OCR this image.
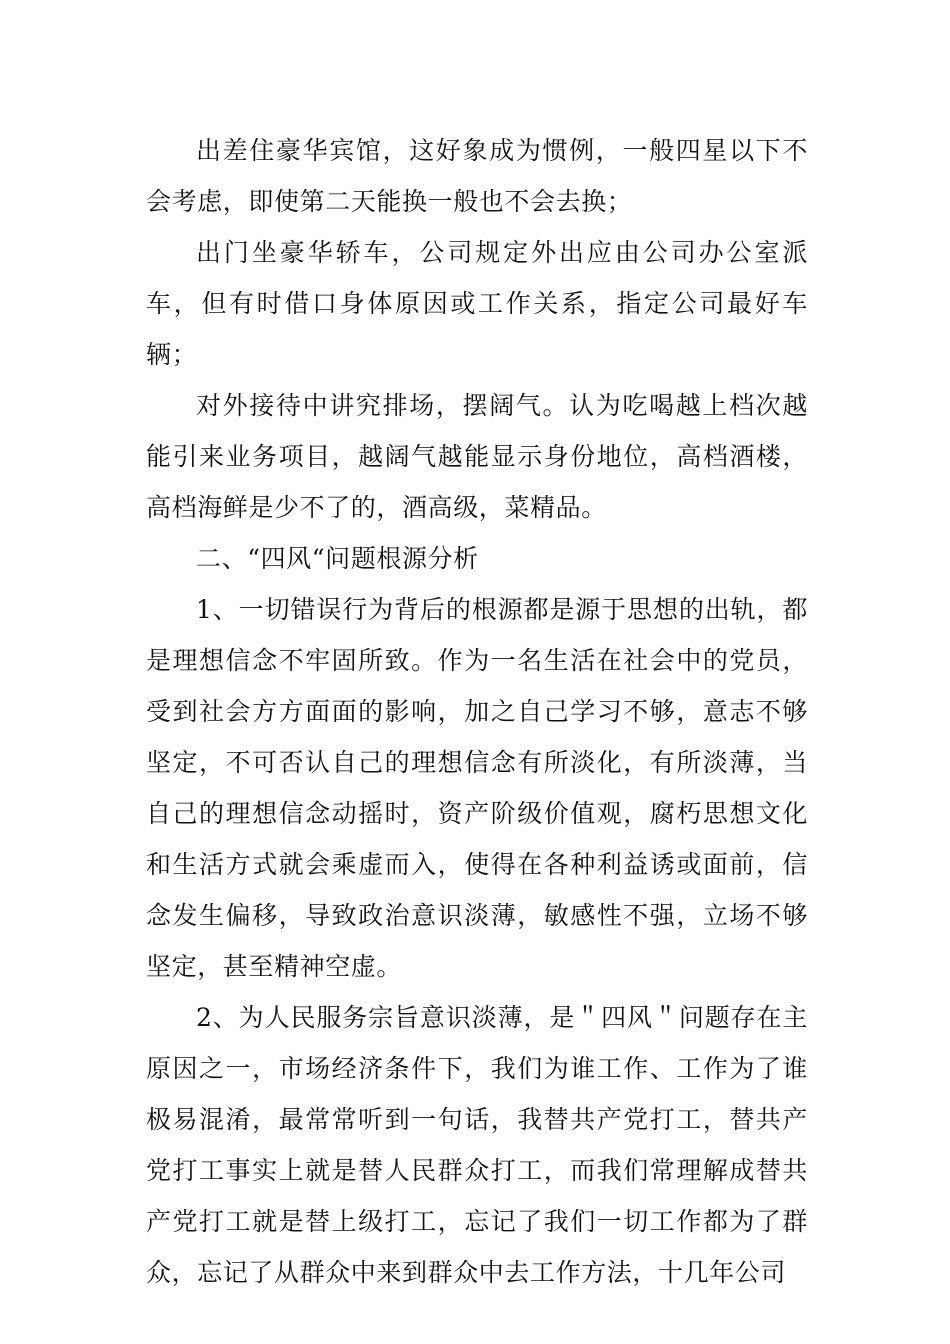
出差住豪华宾馆，这好象成为惯例，一般四星以下不会考虑，即使第二天能换一般也不会去换；

出门坐豪华轿车，公司规定外出应由公司办公室派车，但有时借口身体原因或工作关系，指定公司最好车辆；

对外接待中讲究排场，摆阔气。认为吃喝越上档次越能引来业务项目，越阔气越能显示身份地位，高档酒楼，高档海鲜是少不了的，酒高级，菜精品。

二、“四风“问题根源分析

1、一切错误行为背后的根源都是源于思想的出轨，都是理想信念不牢固所致。作为一名生活在社会中的党员，受到社会方方面面的影响，加之自己学习不够，意志不够坚定，不可否认自己的理想信念有所淡化，有所淡薄，当自己的理想信念动摇时，资产阶级价值观，腐朽思想文化和生活方式就会乘虚而入，使得在各种利益诱或面前，信念发生偏移，导致政治意识淡薄，敏感性不强，立场不够坚定，甚至精神空虚。

2、为人民服务宗旨意识淡薄，是＂四风＂问题存在主原因之一，市场经济条件下，我们为谁工作、工作为了谁极易混淆，最常常听到一句话，我替共产党打工，替共产党打工事实上就是替人民群众打工，而我们常理解成替共产党打工就是替上级打工，忘记了我们一切工作都为了群众，忘记了从群众中来到群众中去工作方法，十几年公司
